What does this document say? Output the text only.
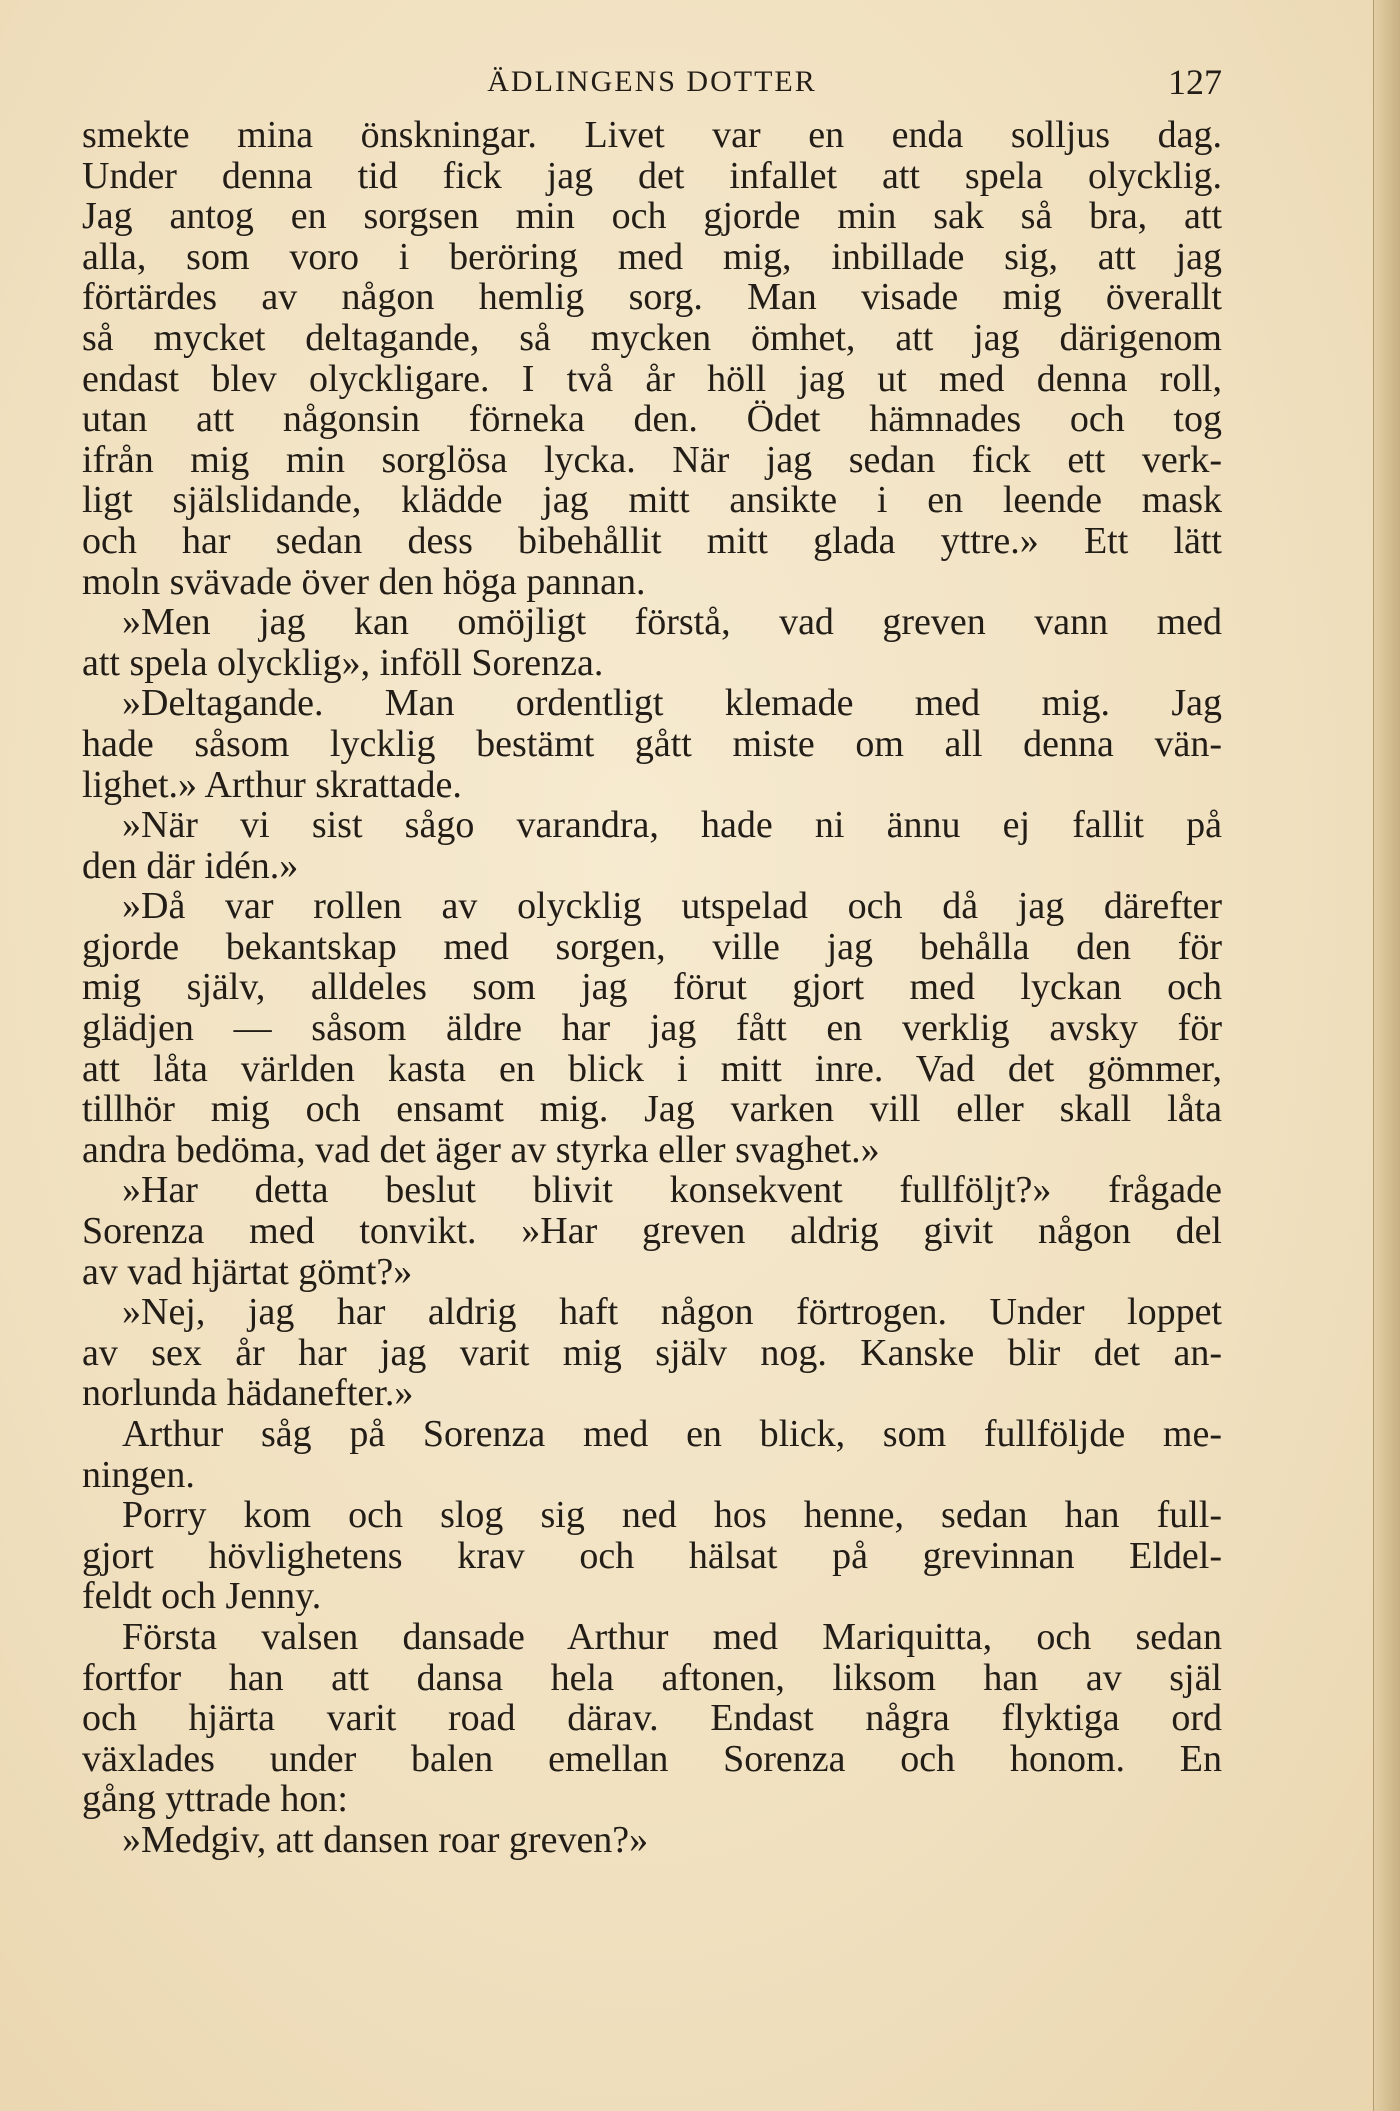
ÄDLINGENS DOTTER	127
smekte mina önskningar. Livet var en enda solljus dag.
Under denna tid fick jag det infallet att spela olycklig.
Jag antog en sorgsen min och gjorde min sak så bra, att
alla, som voro i beröring med mig, inbillade sig, att jag
förtärdes av någon hemlig sorg. Man visade mig överallt
så mycket deltagande, så mycken ömhet, att jag därigenom
endast blev olyckligare. I två år höll jag ut med denna roll,
utan att någonsin förneka den. Ödet hämnades och tog
ifrån mig min sorglösa lycka. När jag sedan fick ett verk-
ligt själslidande, klädde jag mitt ansikte i en leende mask
och har sedan dess bibehållit mitt glada yttre.» Ett lätt
moln svävade över den höga pannan.
»Men jag kan omöjligt förstå, vad greven vann med
att spela olycklig», inföll Sorenza.
»Deltagande. Man ordentligt klemade med mig. Jag
hade såsom lycklig bestämt gått miste om all denna vän-
lighet.» Arthur skrattade.
»När vi sist sågo varandra, hade ni ännu ej fallit på
den där idén.»
»Då var rollen av olycklig utspelad och då jag därefter
gjorde bekantskap med sorgen, ville jag behålla den för
mig själv, alldeles som jag förut gjort med lyckan och
glädjen — såsom äldre har jag fått en verklig avsky för
att låta världen kasta en blick i mitt inre. Vad det gömmer,
tillhör mig och ensamt mig. Jag varken vill eller skall låta
andra bedöma, vad det äger av styrka eller svaghet.»
»Har detta beslut blivit konsekvent fullföljt?» frågade
Sorenza med tonvikt. »Har greven aldrig givit någon del
av vad hjärtat gömt?»
»Nej, jag har aldrig haft någon förtrogen. Under loppet
av sex år har jag varit mig själv nog. Kanske blir det an-
norlunda hädanefter.»
Arthur såg på Sorenza med en blick, som fullföljde me-
ningen.
Porry kom och slog sig ned hos henne, sedan han full-
gjort hövlighetens krav och hälsat på grevinnan Eldel-
feldt och Jenny.
Första valsen dansade Arthur med Mariquitta, och sedan
fortfor han att dansa hela aftonen, liksom han av själ
och hjärta varit road därav. Endast några flyktiga ord
växlades under balen emellan Sorenza och honom. En
gång yttrade hon:
»Medgiv, att dansen roar greven?»
